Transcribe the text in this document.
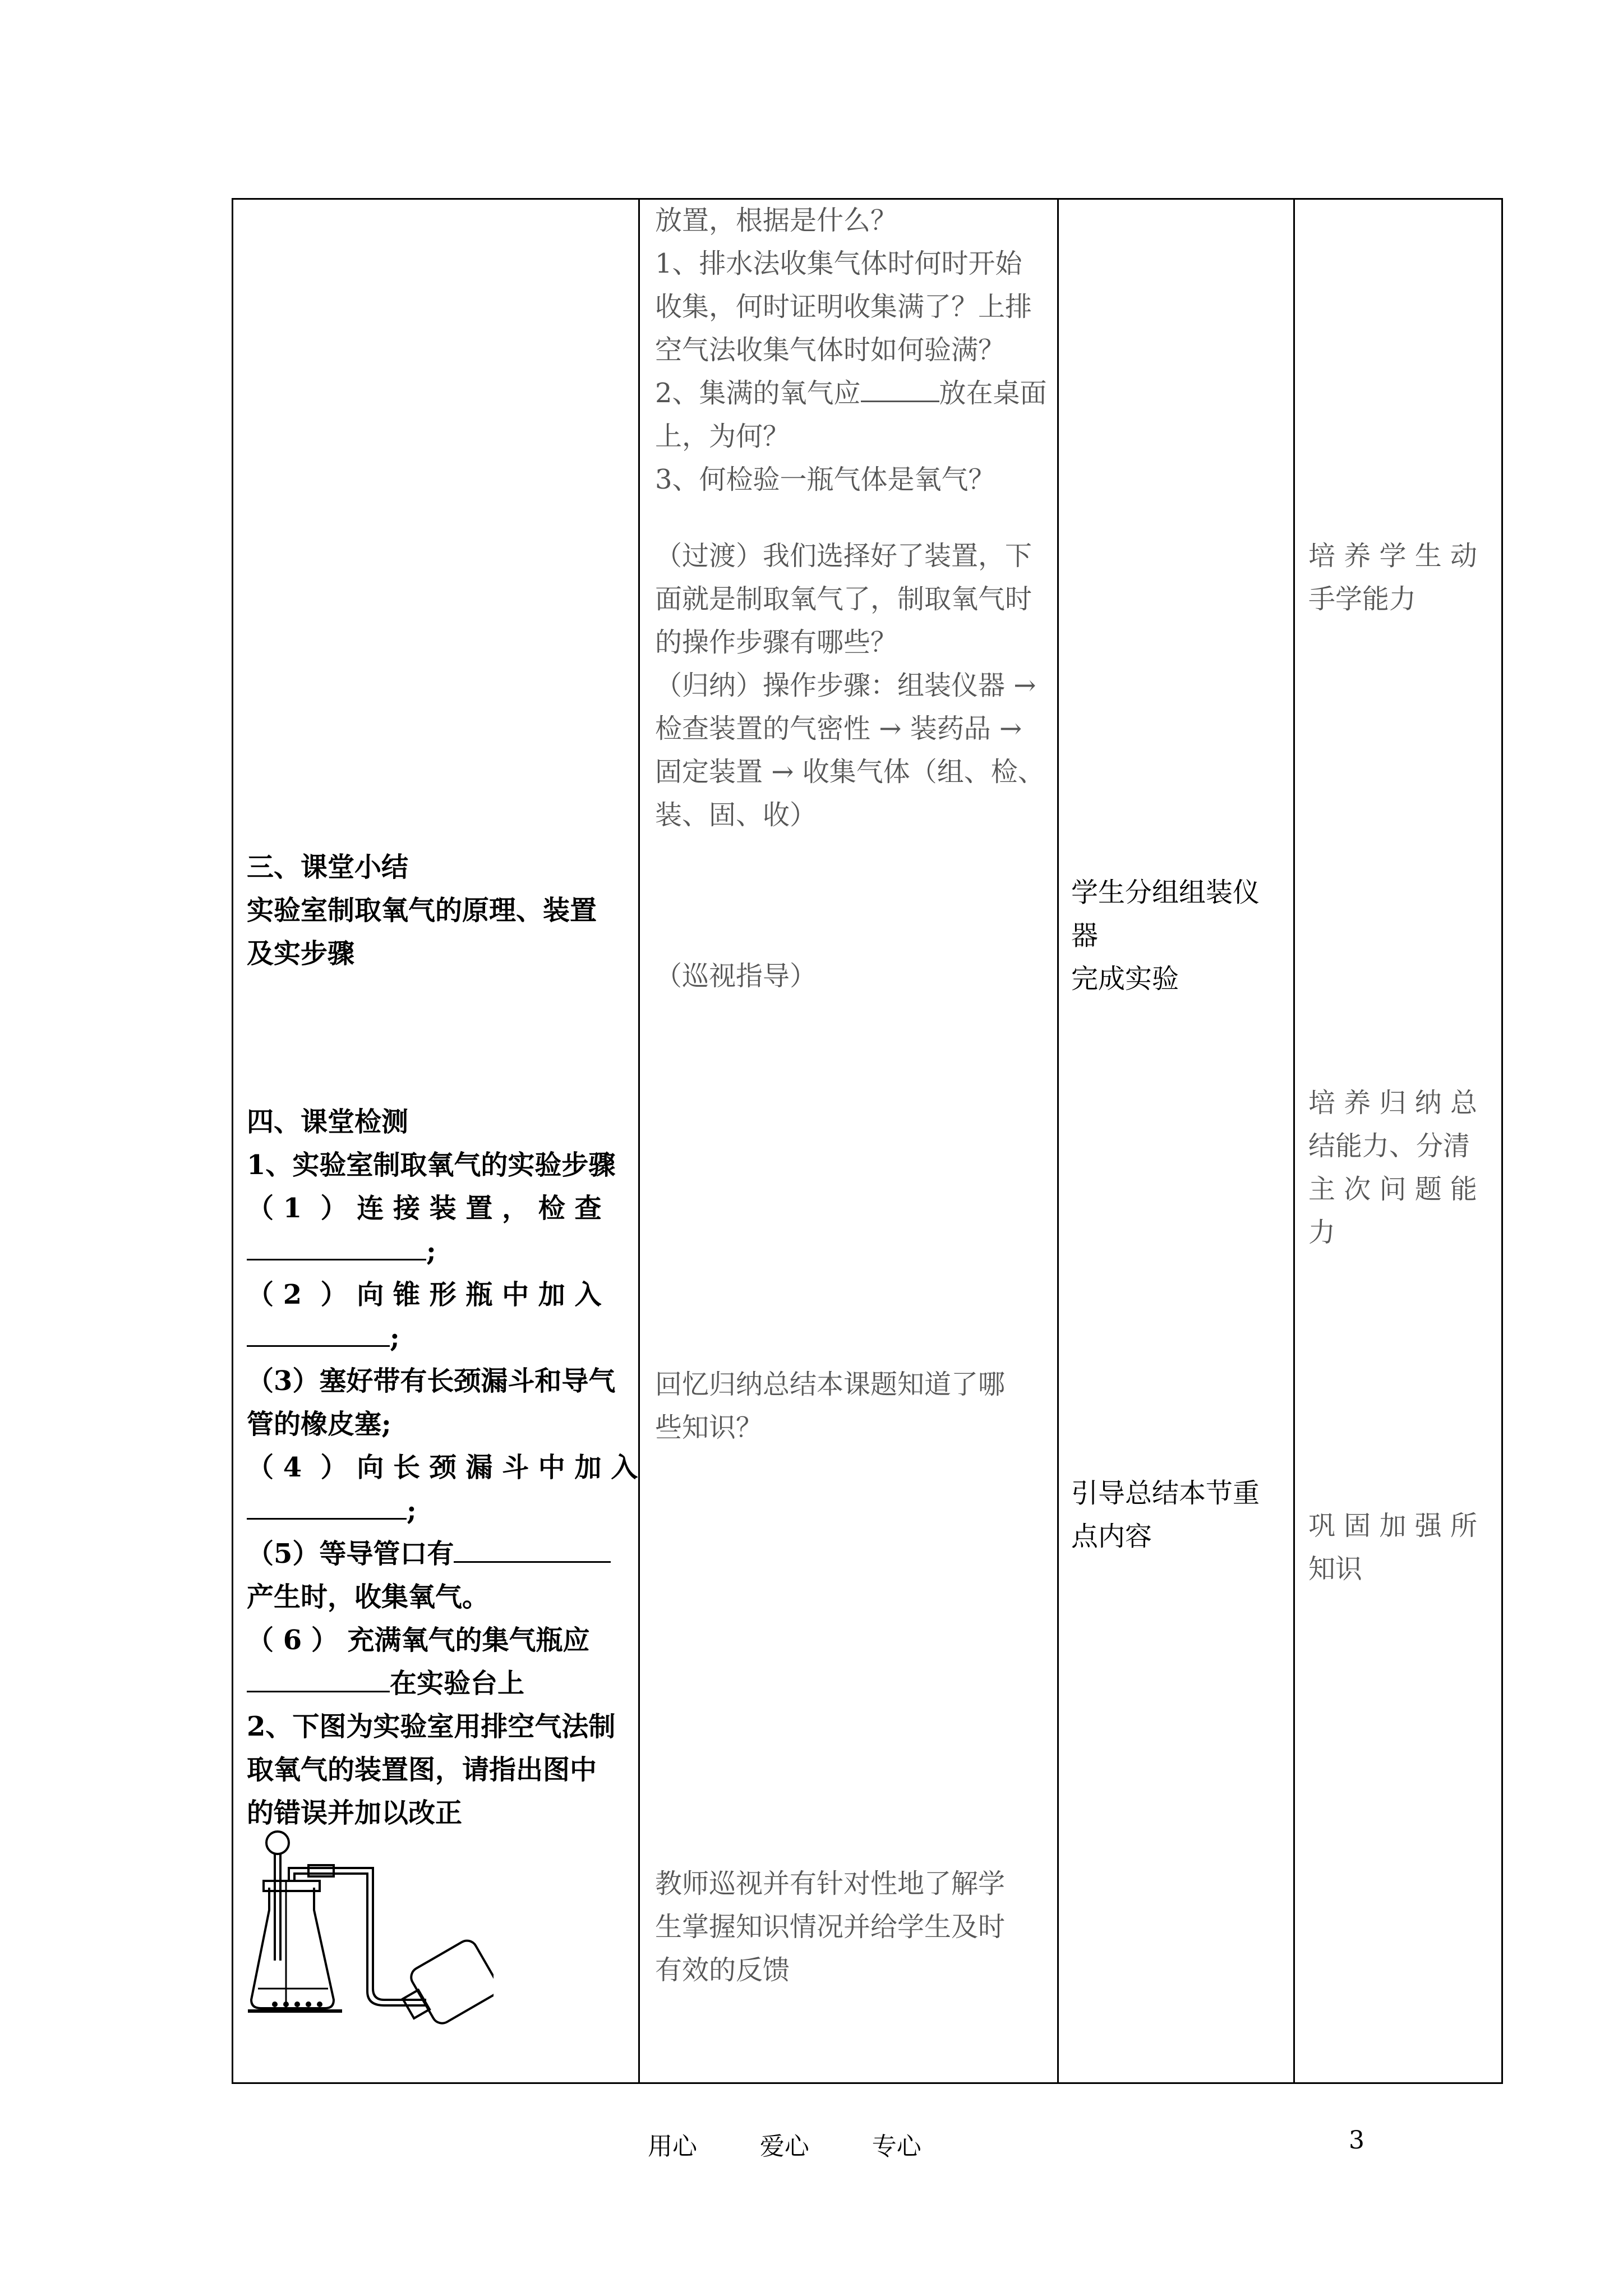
放置，根据是什么？
1、排水法收集气体时何时开始
收集，何时证明收集满了？上排
空气法收集气体时如何验满？
2、集满的氧气应	放在桌面
上，为何？
3、何检验一瓶气体是氧气？
（过渡）我们选择好了装置，下
面就是制取氧气了，制取氧气时
的操作步骤有哪些？
（归纳）操作步骤：组装仪器 →
检查装置的气密性 → 装药品 →
固定装置 → 收集气体（组、检、
装、固、收）
（巡视指导）
回忆归纳总结本课题知道了哪
些知识？
教师巡视并有针对性地了解学
生掌握知识情况并给学生及时
有效的反馈
三、课堂小结
实验室制取氧气的原理、装置
及实步骤
四、课堂检测
1、实验室制取氧气的实验步骤
（ 1  ） 连 接 装 置 ， 检 查
;
（ 2  ） 向 锥 形 瓶 中 加 入
;
（3）塞好带有长颈漏斗和导气
管的橡皮塞;
（ 4  ） 向 长 颈 漏 斗 中 加 入
;
（5）等导管口有
产生时，收集氧气。
（ 6 ） 充满氧气的集气瓶应
在实验台上
2、下图为实验室用排空气法制
取氧气的装置图，请指出图中
的错误并加以改正
学生分组组装仪
器
完成实验
引导总结本节重
点内容
培 养 学 生 动
手学能力
培 养 归 纳 总
结能力、分清
主 次 问 题 能
力
巩 固 加 强 所
知识
用心        爱心        专心	3
